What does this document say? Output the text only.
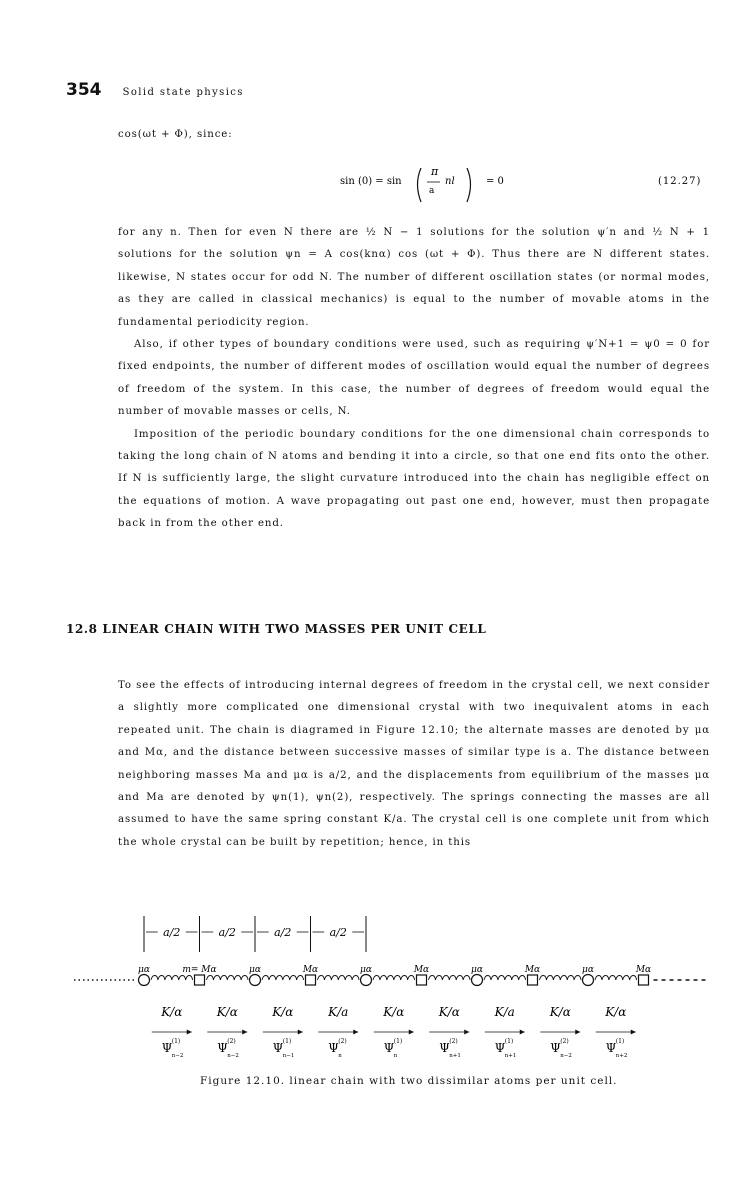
354 Solid state physics

cos(ωt + Φ), since:

sin (0) = sin
π
a
nl	= 0	(12.27)

for any n. Then for even N there are ½ N − 1 solutions for the solution ψ′n and ½ N + 1 solutions for the solution ψn = A cos(knα) cos (ωt + Φ). Thus there are N different states. likewise, N states occur for odd N. The number of different oscillation states (or normal modes, as they are called in classical mechanics) is equal to the number of movable atoms in the fundamental periodicity region.

Also, if other types of boundary conditions were used, such as requiring ψ′N+1 = ψ0 = 0 for fixed endpoints, the number of different modes of oscillation would equal the number of degrees of freedom of the system. In this case, the number of degrees of freedom would equal the number of movable masses or cells, N.

Imposition of the periodic boundary conditions for the one dimensional chain corresponds to taking the long chain of N atoms and bending it into a circle, so that one end fits onto the other. If N is sufficiently large, the slight curvature introduced into the chain has negligible effect on the equations of motion. A wave propagating out past one end, however, must then propagate back in from the other end.

12.8 LINEAR CHAIN WITH TWO MASSES PER UNIT CELL

To see the effects of introducing internal degrees of freedom in the crystal cell, we next consider a slightly more complicated one dimensional crystal with two inequivalent atoms in each repeated unit. The chain is diagramed in Figure 12.10; the alternate masses are denoted by μα and Mα, and the distance between successive masses of similar type is a. The distance between neighboring masses Ma and μα is a/2, and the displacements from equilibrium of the masses μα and Ma are denoted by ψn(1), ψn(2), respectively. The springs connecting the masses are all assumed to have the same spring constant K/a. The crystal cell is one complete unit from which the whole crystal can be built by repetition; hence, in this

a/2	a/2	a/2	a/2
μα	m= Mα	μα	Mα	μα	Mα	μα	Mα	μα	Mα
K/α	K/α	K/α	K/a	K/α	K/α	K/a	K/α	K/α
Ψ (1)
n−2
Ψ (2)
n−2
Ψ (1)
n−1
Ψ (2)
n
Ψ (1)
n
Ψ (2)
n+1
Ψ (1)
n+1
Ψ (2)
n−2
Ψ (1)
n+2
Figure 12.10. linear chain with two dissimilar atoms per unit cell.
